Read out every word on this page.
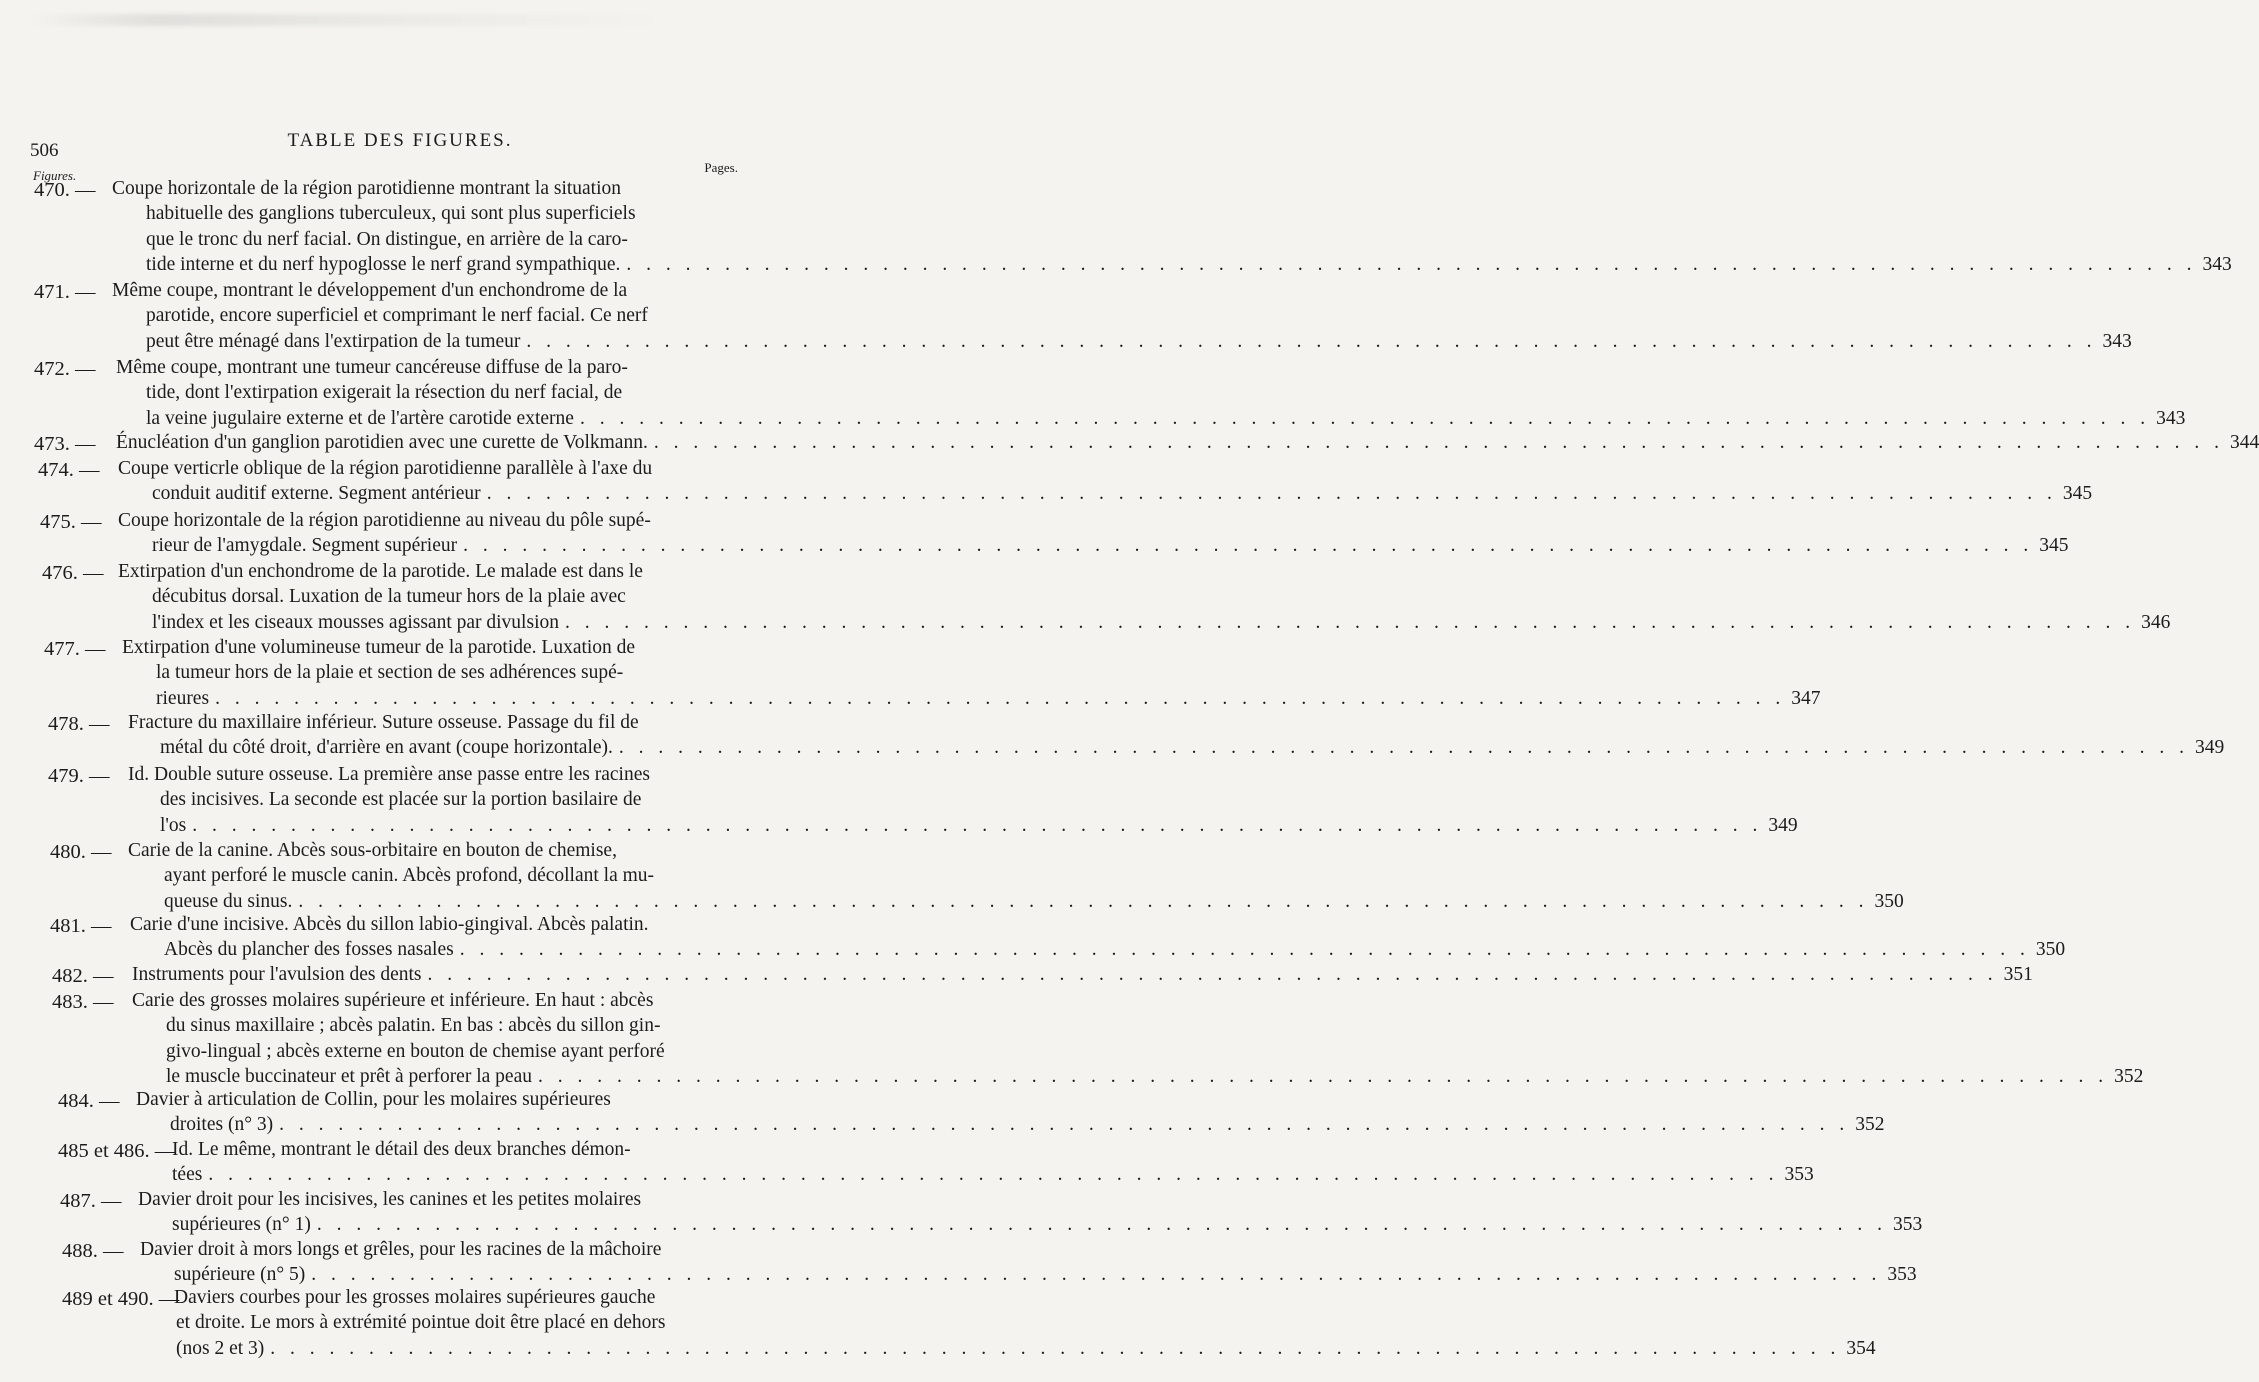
506	TABLE DES FIGURES.
Figures.
Pages.
470. — Coupe horizontale de la région parotidienne montrant la situation
habituelle des ganglions tuberculeux, qui sont plus superficiels
que le tronc du nerf facial. On distingue, en arrière de la caro-
tide interne et du nerf hypoglosse le nerf grand sympathique. . . . . . . . . . . . . . . . . . . . . . . . . . . . . . . . . . . . . . . . . . . . . . . . . . . . . . . . . . . . . . . . . . . . . . . . . . . . . . . . . 343
471. — Même coupe, montrant le développement d'un enchondrome de la
parotide, encore superficiel et comprimant le nerf facial. Ce nerf
peut être ménagé dans l'extirpation de la tumeur . . . . . . . . . . . . . . . . . . . . . . . . . . . . . . . . . . . . . . . . . . . . . . . . . . . . . . . . . . . . . . . . . . . . . . . . . . . . . . . . 343
472. — Même coupe, montrant une tumeur cancéreuse diffuse de la paro-
tide, dont l'extirpation exigerait la résection du nerf facial, de
la veine jugulaire externe et de l'artère carotide externe . . . . . . . . . . . . . . . . . . . . . . . . . . . . . . . . . . . . . . . . . . . . . . . . . . . . . . . . . . . . . . . . . . . . . . . . . . . . . . . . 343
473. — Énucléation d'un ganglion parotidien avec une curette de Volkmann. . . . . . . . . . . . . . . . . . . . . . . . . . . . . . . . . . . . . . . . . . . . . . . . . . . . . . . . . . . . . . . . . . . . . . . . . . . . . . . . . 344
474. — Coupe verticrle oblique de la région parotidienne parallèle à l'axe du
conduit auditif externe. Segment antérieur . . . . . . . . . . . . . . . . . . . . . . . . . . . . . . . . . . . . . . . . . . . . . . . . . . . . . . . . . . . . . . . . . . . . . . . . . . . . . . . . 345
475. — Coupe horizontale de la région parotidienne au niveau du pôle supé-
rieur de l'amygdale. Segment supérieur . . . . . . . . . . . . . . . . . . . . . . . . . . . . . . . . . . . . . . . . . . . . . . . . . . . . . . . . . . . . . . . . . . . . . . . . . . . . . . . . 345
476. — Extirpation d'un enchondrome de la parotide. Le malade est dans le
décubitus dorsal. Luxation de la tumeur hors de la plaie avec
l'index et les ciseaux mousses agissant par divulsion . . . . . . . . . . . . . . . . . . . . . . . . . . . . . . . . . . . . . . . . . . . . . . . . . . . . . . . . . . . . . . . . . . . . . . . . . . . . . . . . 346
477. — Extirpation d'une volumineuse tumeur de la parotide. Luxation de
la tumeur hors de la plaie et section de ses adhérences supé-
rieures . . . . . . . . . . . . . . . . . . . . . . . . . . . . . . . . . . . . . . . . . . . . . . . . . . . . . . . . . . . . . . . . . . . . . . . . . . . . . . . . 347
478. — Fracture du maxillaire inférieur. Suture osseuse. Passage du fil de
métal du côté droit, d'arrière en avant (coupe horizontale). . . . . . . . . . . . . . . . . . . . . . . . . . . . . . . . . . . . . . . . . . . . . . . . . . . . . . . . . . . . . . . . . . . . . . . . . . . . . . . . . 349
479. — Id. Double suture osseuse. La première anse passe entre les racines
des incisives. La seconde est placée sur la portion basilaire de
l'os . . . . . . . . . . . . . . . . . . . . . . . . . . . . . . . . . . . . . . . . . . . . . . . . . . . . . . . . . . . . . . . . . . . . . . . . . . . . . . . . 349
480. — Carie de la canine. Abcès sous-orbitaire en bouton de chemise,
ayant perforé le muscle canin. Abcès profond, décollant la mu-
queuse du sinus. . . . . . . . . . . . . . . . . . . . . . . . . . . . . . . . . . . . . . . . . . . . . . . . . . . . . . . . . . . . . . . . . . . . . . . . . . . . . . . . . 350
481. — Carie d'une incisive. Abcès du sillon labio-gingival. Abcès palatin.
Abcès du plancher des fosses nasales . . . . . . . . . . . . . . . . . . . . . . . . . . . . . . . . . . . . . . . . . . . . . . . . . . . . . . . . . . . . . . . . . . . . . . . . . . . . . . . . 350
482. — Instruments pour l'avulsion des dents . . . . . . . . . . . . . . . . . . . . . . . . . . . . . . . . . . . . . . . . . . . . . . . . . . . . . . . . . . . . . . . . . . . . . . . . . . . . . . . . 351
483. — Carie des grosses molaires supérieure et inférieure. En haut : abcès
du sinus maxillaire ; abcès palatin. En bas : abcès du sillon gin-
givo-lingual ; abcès externe en bouton de chemise ayant perforé
le muscle buccinateur et prêt à perforer la peau . . . . . . . . . . . . . . . . . . . . . . . . . . . . . . . . . . . . . . . . . . . . . . . . . . . . . . . . . . . . . . . . . . . . . . . . . . . . . . . . 352
484. — Davier à articulation de Collin, pour les molaires supérieures
droites (n° 3) . . . . . . . . . . . . . . . . . . . . . . . . . . . . . . . . . . . . . . . . . . . . . . . . . . . . . . . . . . . . . . . . . . . . . . . . . . . . . . . . 352
485 et 486. —
Id. Le même, montrant le détail des deux branches démon-
tées . . . . . . . . . . . . . . . . . . . . . . . . . . . . . . . . . . . . . . . . . . . . . . . . . . . . . . . . . . . . . . . . . . . . . . . . . . . . . . . . 353
487. — Davier droit pour les incisives, les canines et les petites molaires
supérieures (n° 1) . . . . . . . . . . . . . . . . . . . . . . . . . . . . . . . . . . . . . . . . . . . . . . . . . . . . . . . . . . . . . . . . . . . . . . . . . . . . . . . . 353
488. — Davier droit à mors longs et grêles, pour les racines de la mâchoire
supérieure (n° 5) . . . . . . . . . . . . . . . . . . . . . . . . . . . . . . . . . . . . . . . . . . . . . . . . . . . . . . . . . . . . . . . . . . . . . . . . . . . . . . . . 353
489 et 490. —
Daviers courbes pour les grosses molaires supérieures gauche
et droite. Le mors à extrémité pointue doit être placé en dehors
(nos 2 et 3) . . . . . . . . . . . . . . . . . . . . . . . . . . . . . . . . . . . . . . . . . . . . . . . . . . . . . . . . . . . . . . . . . . . . . . . . . . . . . . . . 354
